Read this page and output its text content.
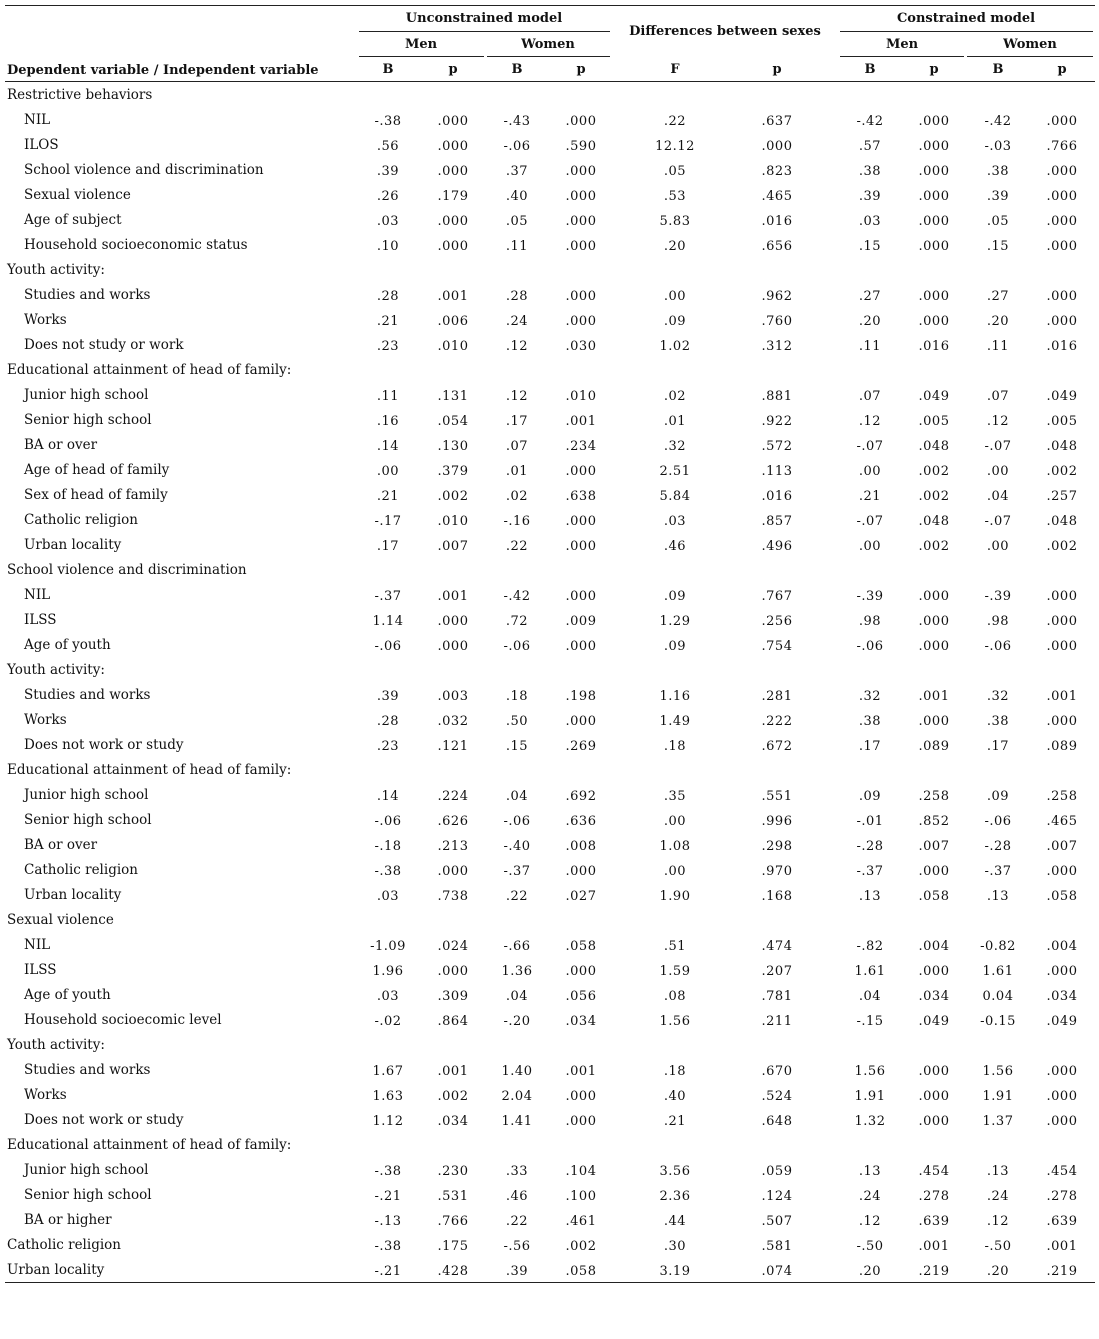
Unconstrained model
Differences between sexes
Constrained model
Men	Women	Men	Women
Dependent variable / Independent variable	B	p	B	p	F	p	B	p	B	p
Restrictive behaviors
NIL	-.38	.000	-.43	.000	.22	.637	-.42	.000	-.42	.000
ILOS	.56	.000	-.06	.590	12.12	.000	.57	.000	-.03	.766
School violence and discrimination	.39	.000	.37	.000	.05	.823	.38	.000	.38	.000
Sexual violence	.26	.179	.40	.000	.53	.465	.39	.000	.39	.000
Age of subject	.03	.000	.05	.000	5.83	.016	.03	.000	.05	.000
Household socioeconomic status	.10	.000	.11	.000	.20	.656	.15	.000	.15	.000
Youth activity:
Studies and works	.28	.001	.28	.000	.00	.962	.27	.000	.27	.000
Works	.21	.006	.24	.000	.09	.760	.20	.000	.20	.000
Does not study or work	.23	.010	.12	.030	1.02	.312	.11	.016	.11	.016
Educational attainment of head of family:
Junior high school	.11	.131	.12	.010	.02	.881	.07	.049	.07	.049
Senior high school	.16	.054	.17	.001	.01	.922	.12	.005	.12	.005
BA or over	.14	.130	.07	.234	.32	.572	-.07	.048	-.07	.048
Age of head of family	.00	.379	.01	.000	2.51	.113	.00	.002	.00	.002
Sex of head of family	.21	.002	.02	.638	5.84	.016	.21	.002	.04	.257
Catholic religion	-.17	.010	-.16	.000	.03	.857	-.07	.048	-.07	.048
Urban locality	.17	.007	.22	.000	.46	.496	.00	.002	.00	.002
School violence and discrimination
NIL	-.37	.001	-.42	.000	.09	.767	-.39	.000	-.39	.000
ILSS	1.14	.000	.72	.009	1.29	.256	.98	.000	.98	.000
Age of youth	-.06	.000	-.06	.000	.09	.754	-.06	.000	-.06	.000
Youth activity:
Studies and works	.39	.003	.18	.198	1.16	.281	.32	.001	.32	.001
Works	.28	.032	.50	.000	1.49	.222	.38	.000	.38	.000
Does not work or study	.23	.121	.15	.269	.18	.672	.17	.089	.17	.089
Educational attainment of head of family:
Junior high school	.14	.224	.04	.692	.35	.551	.09	.258	.09	.258
Senior high school	-.06	.626	-.06	.636	.00	.996	-.01	.852	-.06	.465
BA or over	-.18	.213	-.40	.008	1.08	.298	-.28	.007	-.28	.007
Catholic religion	-.38	.000	-.37	.000	.00	.970	-.37	.000	-.37	.000
Urban locality	.03	.738	.22	.027	1.90	.168	.13	.058	.13	.058
Sexual violence
NIL	-1.09 .024	-.66	.058	.51	.474	-.82	.004 -0.82 .004
ILSS	1.96	.000	1.36	.000	1.59	.207	1.61	.000	1.61	.000
Age of youth	.03	.309	.04	.056	.08	.781	.04	.034	0.04	.034
Household socioecomic level	-.02	.864	-.20	.034	1.56	.211	-.15	.049 -0.15 .049
Youth activity:
Studies and works	1.67	.001	1.40	.001	.18	.670	1.56	.000	1.56	.000
Works	1.63	.002	2.04	.000	.40	.524	1.91	.000	1.91	.000
Does not work or study	1.12	.034	1.41	.000	.21	.648	1.32	.000	1.37	.000
Educational attainment of head of family:
Junior high school	-.38	.230	.33	.104	3.56	.059	.13	.454	.13	.454
Senior high school	-.21	.531	.46	.100	2.36	.124	.24	.278	.24	.278
BA or higher	-.13	.766	.22	.461	.44	.507	.12	.639	.12	.639
Catholic religion	-.38	.175	-.56	.002	.30	.581	-.50	.001	-.50	.001
Urban locality	-.21	.428	.39	.058	3.19	.074	.20	.219	.20	.219
